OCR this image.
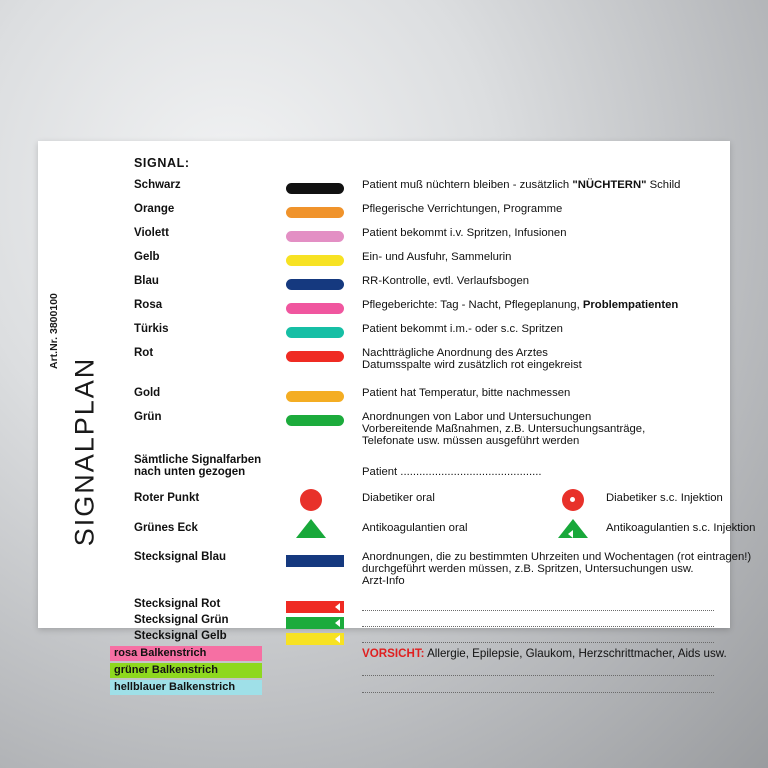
SIGNALPLAN
Art.Nr. 3800100
SIGNAL:
Schwarz	Patient muß nüchtern bleiben - zusätzlich "NÜCHTERN" Schild
Orange	Pflegerische Verrichtungen, Programme
Violett	Patient bekommt i.v. Spritzen, Infusionen
Gelb	Ein- und Ausfuhr, Sammelurin
Blau	RR-Kontrolle, evtl. Verlaufsbogen
Rosa	Pflegeberichte: Tag - Nacht, Pflegeplanung, Problempatienten
Türkis	Patient bekommt i.m.- oder s.c. Spritzen
Rot	Nachtträgliche Anordnung des Arztes
Datumsspalte wird zusätzlich rot eingekreist
Gold	Patient hat Temperatur, bitte nachmessen
Grün	Anordnungen von Labor und Untersuchungen
Vorbereitende Maßnahmen, z.B. Untersuchungsanträge,
Telefonate usw. müssen ausgeführt werden
Sämtliche Signalfarben
nach unten gezogen	Patient .............................................
Roter Punkt	Diabetiker oral	Diabetiker s.c. Injektion
Grünes Eck	Antikoagulantien oral	Antikoagulantien s.c. Injektion
Stecksignal Blau	Anordnungen, die zu bestimmten Uhrzeiten und Wochentagen (rot eintragen!)
durchgeführt werden müssen, z.B. Spritzen, Untersuchungen usw.
Arzt-Info
Stecksignal Rot
Stecksignal Grün
Stecksignal Gelb
rosa Balkenstrich	VORSICHT: Allergie, Epilepsie, Glaukom, Herzschrittmacher, Aids usw.
grüner Balkenstrich
hellblauer Balkenstrich
